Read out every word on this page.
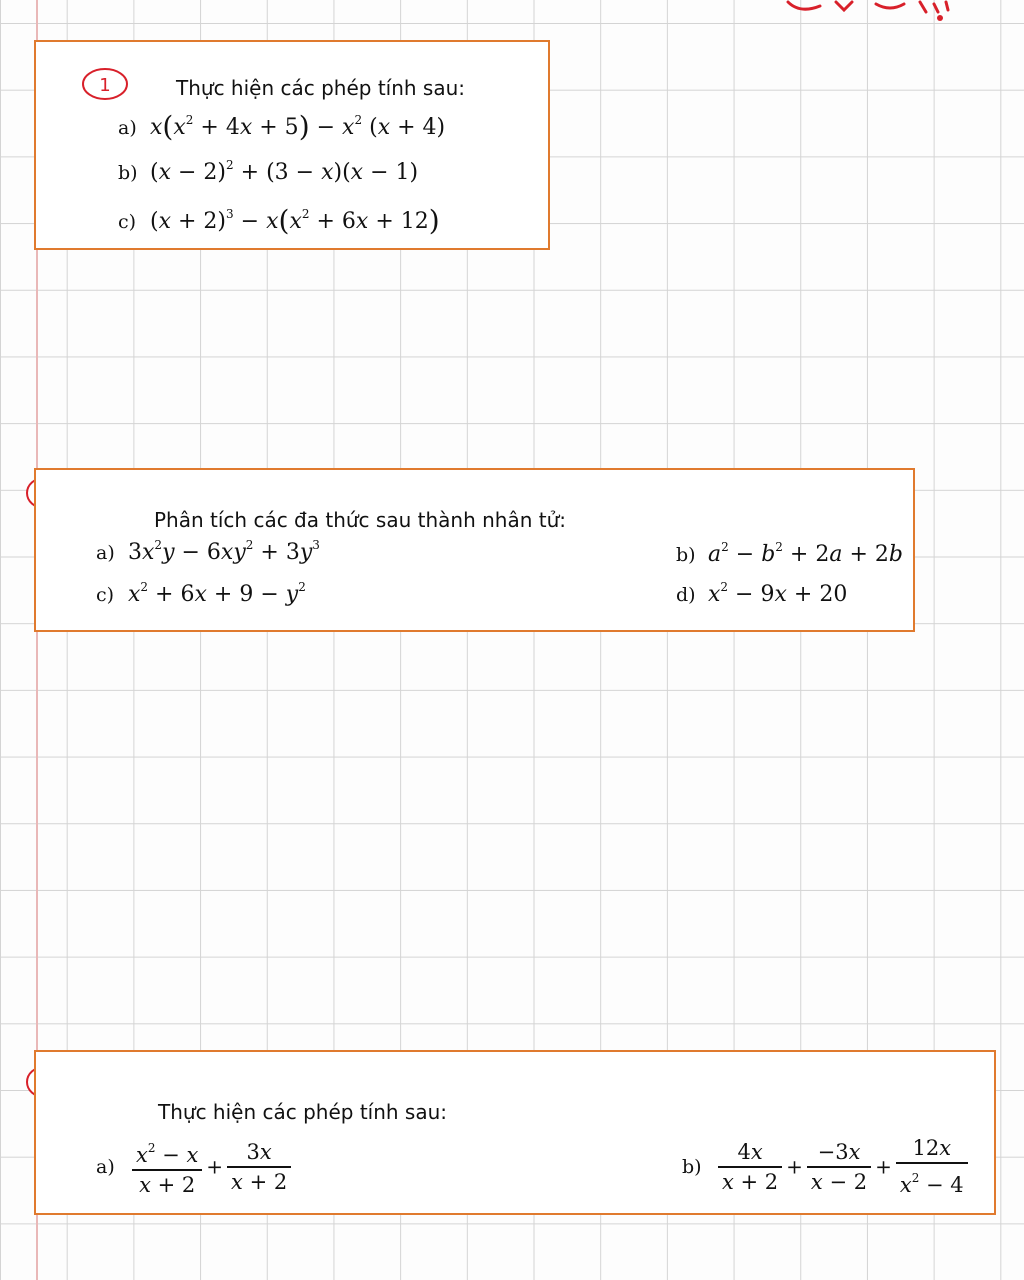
1	Thực hiện các phép tính sau:
a) $x(x^2 + 4x + 5) - x^2$ (x + 4)
b) $(x - 2)^2 + (3 - x)(x - 1)$
c) $(x + 2)^3 - x(x^2 + 6x + 12)$
Phân tích các đa thức sau thành nhân tử:
a) $3x^2y - 6xy^2 + 3y^3$	b) $a^2 - b^2 + 2a + 2b$
c) $x^2 + 6x + 9 - y^2$	d) $x^2 - 9x + 20$
Thực hiện các phép tính sau:
$a) \frac{x^2 - x}{x + 2} + \frac{3x}{x + 2}$	$b) \frac{4x}{x + 2} + \frac{-3x}{x - 2} + \frac{12x}{x^2 - 4}$
